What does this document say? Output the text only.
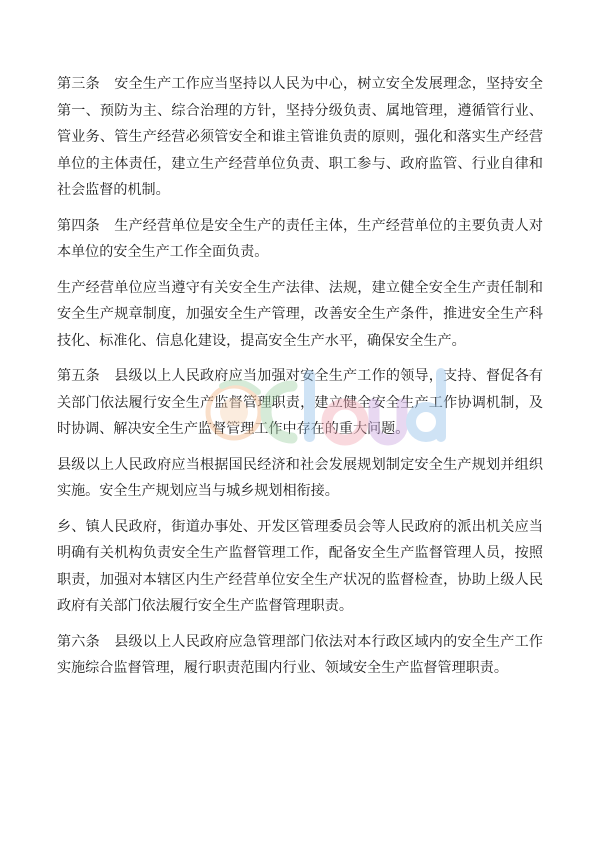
第三条　安全生产工作应当坚持以人民为中心，树立安全发展理念，坚持安全第一、预防为主、综合治理的方针，坚持分级负责、属地管理，遵循管行业、管业务、管生产经营必须管安全和谁主管谁负责的原则，强化和落实生产经营单位的主体责任，建立生产经营单位负责、职工参与、政府监管、行业自律和社会监督的机制。

第四条　生产经营单位是安全生产的责任主体，生产经营单位的主要负责人对本单位的安全生产工作全面负责。

生产经营单位应当遵守有关安全生产法律、法规，建立健全安全生产责任制和安全生产规章制度，加强安全生产管理，改善安全生产条件，推进安全生产科技化、标准化、信息化建设，提高安全生产水平，确保安全生产。

第五条　县级以上人民政府应当加强对安全生产工作的领导，支持、督促各有关部门依法履行安全生产监督管理职责，建立健全安全生产工作协调机制，及时协调、解决安全生产监督管理工作中存在的重大问题。

县级以上人民政府应当根据国民经济和社会发展规划制定安全生产规划并组织实施。安全生产规划应当与城乡规划相衔接。

乡、镇人民政府，街道办事处、开发区管理委员会等人民政府的派出机关应当明确有关机构负责安全生产监督管理工作，配备安全生产监督管理人员，按照职责，加强对本辖区内生产经营单位安全生产状况的监督检查，协助上级人民政府有关部门依法履行安全生产监督管理职责。

第六条　县级以上人民政府应急管理部门依法对本行政区域内的安全生产工作实施综合监督管理，履行职责范围内行业、领域安全生产监督管理职责。
